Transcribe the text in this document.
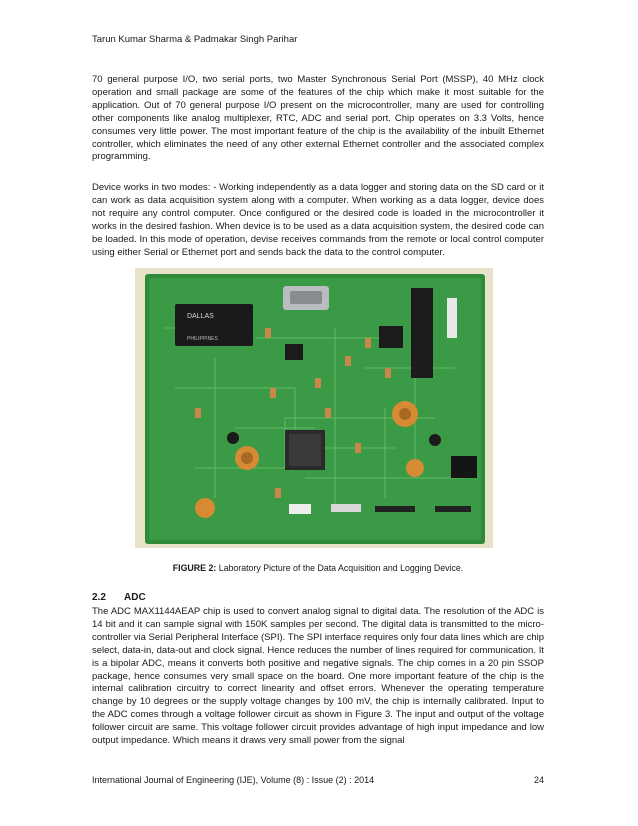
Tarun Kumar Sharma & Padmakar Singh Parihar

70 general purpose I/O, two serial ports, two Master Synchronous Serial Port (MSSP), 40 MHz clock operation and small package are some of the features of the chip which make it most suitable for the application. Out of 70 general purpose I/O present on the microcontroller, many are used for controlling other components like analog multiplexer, RTC, ADC and serial port. Chip operates on 3.3 Volts, hence consumes very little power. The most important feature of the chip is the availability of the inbuilt Ethernet controller, which eliminates the need of any other external Ethernet controller and the associated complex programming.

Device works in two modes: - Working independently as a data logger and storing data on the SD card or it can work as data acquisition system along with a computer. When working as a data logger, device does not require any control computer. Once configured or the desired code is loaded in the microcontroller it works in the desired fashion. When device is to be used as a data acquisition system, the desired code can be loaded. In this mode of operation, devise receives commands from the remote or local control computer using either Serial or Ethernet port and sends back the data to the control computer.

DALLAS
PHILIPPINES
FIGURE 2: Laboratory Picture of the Data Acquisition and Logging Device.
2.2 ADC

The ADC MAX1144AEAP chip is used to convert analog signal to digital data. The resolution of the ADC is 14 bit and it can sample signal with 150K samples per second. The digital data is transmitted to the micro-controller via Serial Peripheral Interface (SPI). The SPI interface requires only four data lines which are chip select, data-in, data-out and clock signal. Hence reduces the number of lines required for communication. It is a bipolar ADC, means it converts both positive and negative signals. The chip comes in a 20 pin SSOP package, hence consumes very small space on the board. One more important feature of the chip is the internal calibration circuitry to correct linearity and offset errors. Whenever the operating temperature change by 10 degrees or the supply voltage changes by 100 mV, the chip is internally calibrated. Input to the ADC comes through a voltage follower circuit as shown in Figure 3. The input and output of the voltage follower circuit are same. This voltage follower circuit provides advantage of high input impedance and low output impedance. Which means it draws very small power from the signal

International Journal of Engineering (IJE), Volume (8) : Issue (2) : 2014	24
